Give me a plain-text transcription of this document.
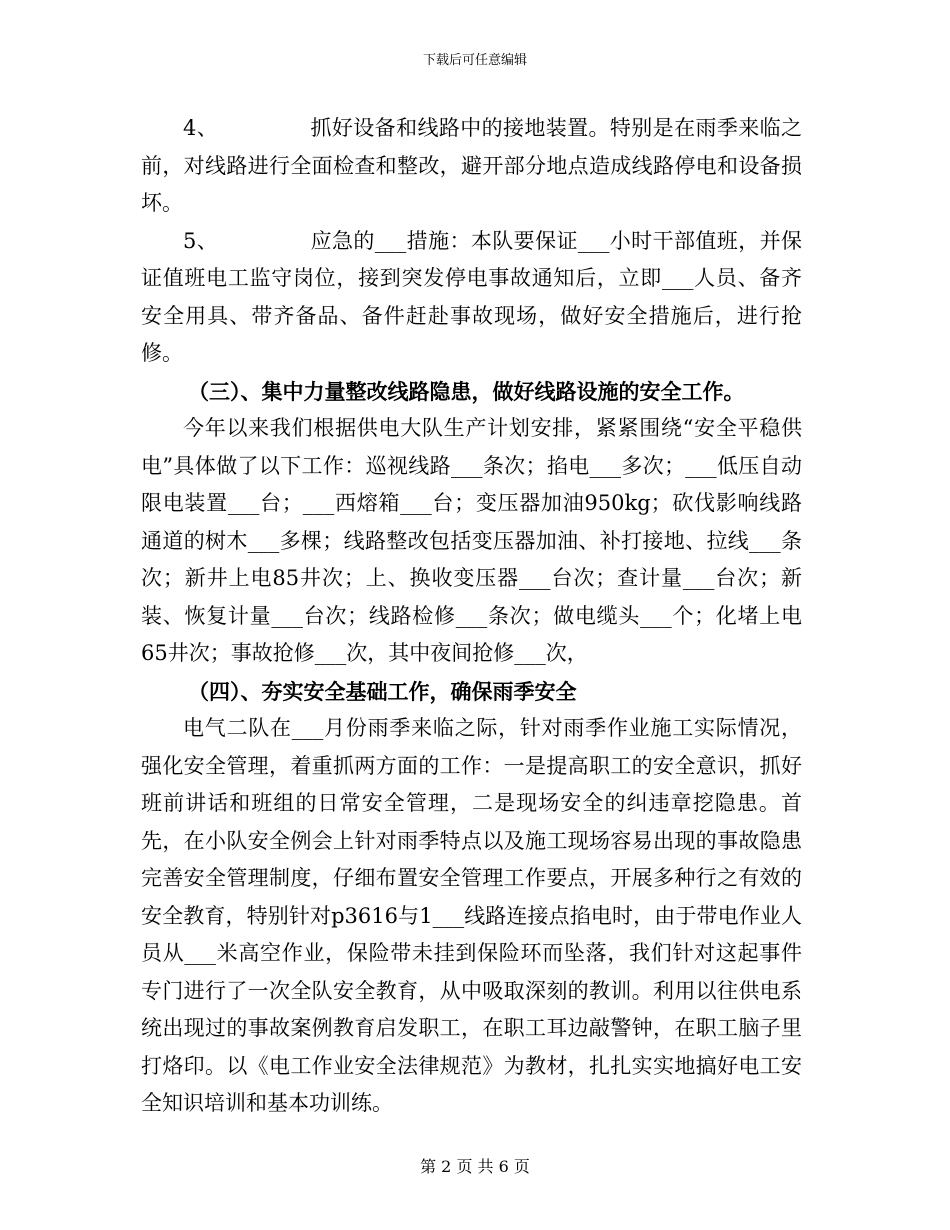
下载后可任意编辑

4、	抓好设备和线路中的接地装置。特别是在雨季来临之前，对线路进行全面检查和整改，避开部分地点造成线路停电和设备损坏。

5、	应急的___措施：本队要保证___小时干部值班，并保证值班电工监守岗位，接到突发停电事故通知后，立即___人员、备齐安全用具、带齐备品、备件赶赴事故现场，做好安全措施后，进行抢修。

（三）、集中力量整改线路隐患，做好线路设施的安全工作。

今年以来我们根据供电大队生产计划安排，紧紧围绕“安全平稳供电”具体做了以下工作：巡视线路___条次；掐电___多次；___低压自动限电装置___台；___西熔箱___台；变压器加油950kg；砍伐影响线路通道的树木___多棵；线路整改包括变压器加油、补打接地、拉线___条次；新井上电85井次；上、换收变压器___台次；查计量___台次；新装、恢复计量___台次；线路检修___条次；做电缆头___个；化堵上电65井次；事故抢修___次，其中夜间抢修___次，

（四）、夯实安全基础工作，确保雨季安全

电气二队在___月份雨季来临之际，针对雨季作业施工实际情况，强化安全管理，着重抓两方面的工作：一是提高职工的安全意识，抓好班前讲话和班组的日常安全管理，二是现场安全的纠违章挖隐患。首先，在小队安全例会上针对雨季特点以及施工现场容易出现的事故隐患完善安全管理制度，仔细布置安全管理工作要点，开展多种行之有效的安全教育，特别针对p3616与1___线路连接点掐电时，由于带电作业人员从___米高空作业，保险带未挂到保险环而坠落，我们针对这起事件专门进行了一次全队安全教育，从中吸取深刻的教训。利用以往供电系统出现过的事故案例教育启发职工，在职工耳边敲警钟，在职工脑子里打烙印。以《电工作业安全法律规范》为教材，扎扎实实地搞好电工安全知识培训和基本功训练。

第 2 页 共 6 页
